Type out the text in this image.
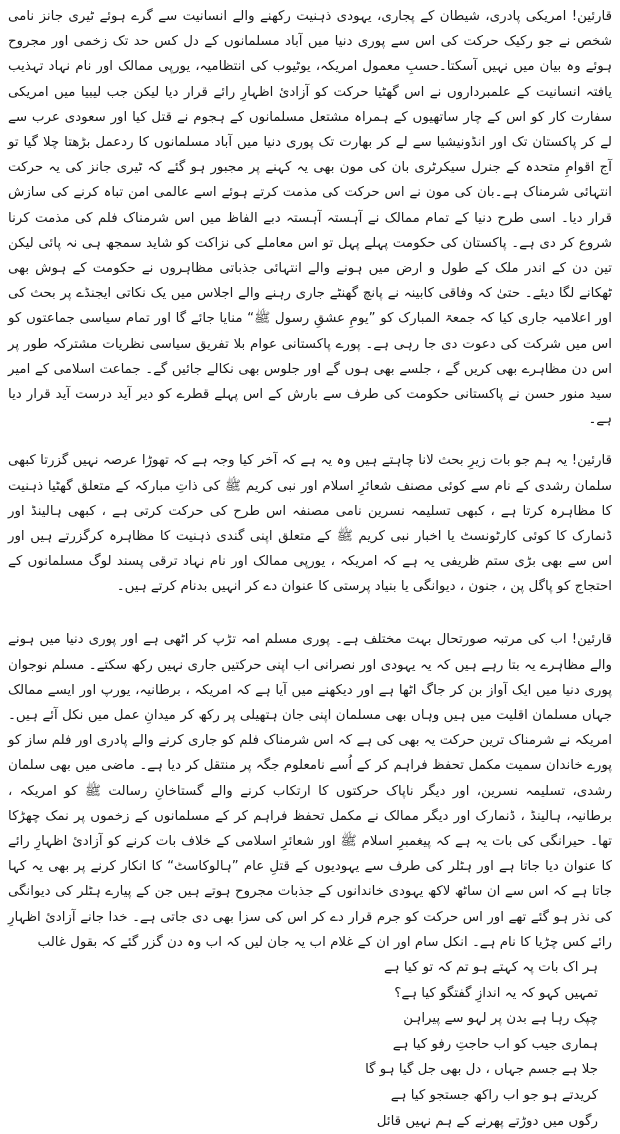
قارئین! امریکی پادری، شیطان کے پجاری، یہودی ذہنیت رکھنے والے انسانیت سے گرے ہوئے ٹیری جانز نامی شخص نے جو رکیک حرکت کی اس سے پوری دنیا میں آباد مسلمانوں کے دل کس حد تک زخمی اور مجروح ہوئے وہ بیان میں نہیں آسکتا۔حسبِ معمول امریکہ، یوٹیوب کی انتظامیہ، یورپی ممالک اور نام نہاد تہذیب یافتہ انسانیت کے علمبرداروں نے اس گھٹیا حرکت کو آزادیٔ اظہارِ رائے قرار دیا لیکن جب لیبیا میں امریکی سفارت کار کو اس کے چار ساتھیوں کے ہمراہ مشتعل مسلمانوں کے ہجوم نے قتل کیا اور سعودی عرب سے لے کر پاکستان تک اور انڈونیشیا سے لے کر بھارت تک پوری دنیا میں آباد مسلمانوں کا ردعمل بڑھتا چلا گیا تو آج اقوامِ متحدہ کے جنرل سیکرٹری بان کی مون بھی یہ کہنے پر مجبور ہو گئے کہ ٹیری جانز کی یہ حرکت انتہائی شرمناک ہے۔بان کی مون نے اس حرکت کی مذمت کرتے ہوئے اسے عالمی امن تباہ کرنے کی سازش قرار دیا۔ اسی طرح دنیا کے تمام ممالک نے آہستہ آہستہ دبے الفاظ میں اس شرمناک فلم کی مذمت کرنا شروع کر دی ہے۔ پاکستان کی حکومت پہلے پہل تو اس معاملے کی نزاکت کو شاید سمجھ ہی نہ پائی لیکن تین دن کے اندر ملک کے طول و ارض میں ہونے والے انتہائی جذباتی مظاہروں نے حکومت کے ہوش بھی ٹھکانے لگا دیئے۔ حتیٰ کہ وفاقی کابینہ نے پانچ گھنٹے جاری رہنے والے اجلاس میں یک نکاتی ایجنڈے پر بحث کی اور اعلامیہ جاری کیا کہ جمعۃ المبارک کو ”یومِ عشقِ رسول ﷺ“ منایا جائے گا اور تمام سیاسی جماعتوں کو اس میں شرکت کی دعوت دی جا رہی ہے۔ پورے پاکستانی عوام بلا تفریق سیاسی نظریات مشترکہ طور پر اس دن مظاہرے بھی کریں گے ، جلسے بھی ہوں گے اور جلوس بھی نکالے جائیں گے۔ جماعت اسلامی کے امیر سید منور حسن نے پاکستانی حکومت کی طرف سے بارش کے اس پہلے قطرے کو دیر آید درست آید قرار دیا ہے۔

قارئین! یہ ہم جو بات زیرِ بحث لانا چاہتے ہیں وہ یہ ہے کہ آخر کیا وجہ ہے کہ تھوڑا عرصہ نہیں گزرتا کبھی سلمان رشدی کے نام سے کوئی مصنف شعائرِ اسلام اور نبی کریم ﷺ کی ذاتِ مبارکہ کے متعلق گھٹیا ذہنیت کا مظاہرہ کرتا ہے ، کبھی تسلیمہ نسرین نامی مصنفہ اس طرح کی حرکت کرتی ہے ، کبھی ہالینڈ اور ڈنمارک کا کوئی کارٹونسٹ یا اخبار نبی کریم ﷺ کے متعلق اپنی گندی ذہنیت کا مظاہرہ کرگزرتے ہیں اور اس سے بھی بڑی ستم ظریفی یہ ہے کہ امریکہ ، یورپی ممالک اور نام نہاد ترقی پسند لوگ مسلمانوں کے احتجاج کو پاگل پن ، جنون ، دیوانگی یا بنیاد پرستی کا عنوان دے کر انہیں بدنام کرتے ہیں۔

قارئین! اب کی مرتبہ صورتحال بہت مختلف ہے۔ پوری مسلم امہ تڑپ کر اٹھی ہے اور پوری دنیا میں ہونے والے مظاہرے یہ بتا رہے ہیں کہ یہ یہودی اور نصرانی اب اپنی حرکتیں جاری نہیں رکھ سکتے۔ مسلم نوجوان پوری دنیا میں ایک آواز بن کر جاگ اٹھا ہے اور دیکھنے میں آیا ہے کہ امریکہ ، برطانیہ، یورپ اور ایسے ممالک جہاں مسلمان اقلیت میں ہیں وہاں بھی مسلمان اپنی جان ہتھیلی پر رکھ کر میدانِ عمل میں نکل آئے ہیں۔ امریکہ نے شرمناک ترین حرکت یہ بھی کی ہے کہ اس شرمناک فلم کو جاری کرنے والے پادری اور فلم ساز کو پورے خاندان سمیت مکمل تحفظ فراہم کر کے اُسے نامعلوم جگہ پر منتقل کر دیا ہے۔ ماضی میں بھی سلمان رشدی، تسلیمہ نسرین، اور دیگر ناپاک حرکتوں کا ارتکاب کرنے والے گستاخانِ رسالت ﷺ کو امریکہ ، برطانیہ، ہالینڈ ، ڈنمارک اور دیگر ممالک نے مکمل تحفظ فراہم کر کے مسلمانوں کے زخموں پر نمک چھڑکا تھا۔ حیرانگی کی بات یہ ہے کہ پیغمبرِ اسلام ﷺ اور شعائرِ اسلامی کے خلاف بات کرنے کو آزادیٔ اظہارِ رائے کا عنوان دیا جاتا ہے اور ہٹلر کی طرف سے یہودیوں کے قتلِ عام ”ہالوکاسٹ“ کا انکار کرنے پر بھی یہ کہا جاتا ہے کہ اس سے ان ساٹھ لاکھ یہودی خاندانوں کے جذبات مجروح ہوتے ہیں جن کے پیارے ہٹلر کی دیوانگی کی نذر ہو گئے تھے اور اس حرکت کو جرم قرار دے کر اس کی سزا بھی دی جاتی ہے۔ خدا جانے آزادیٔ اظہارِ رائے کس چڑیا کا نام ہے۔ انکل سام اور ان کے غلام اب یہ جان لیں کہ اب وہ دن گزر گئے کہ بقول غالب

ہر اک بات پہ کہتے ہو تم کہ تو کیا ہے
تمہیں کہو کہ یہ اندازِ گفتگو کیا ہے؟
چپک رہا ہے بدن پر لہو سے پیراہن
ہماری جیب کو اب حاجتِ رفو کیا ہے
جلا ہے جسم جہاں ، دل بھی جل گیا ہو گا
کریدتے ہو جو اب راکھ جستجو کیا ہے
رگوں میں دوڑتے پھرنے کے ہم نہیں قائل
